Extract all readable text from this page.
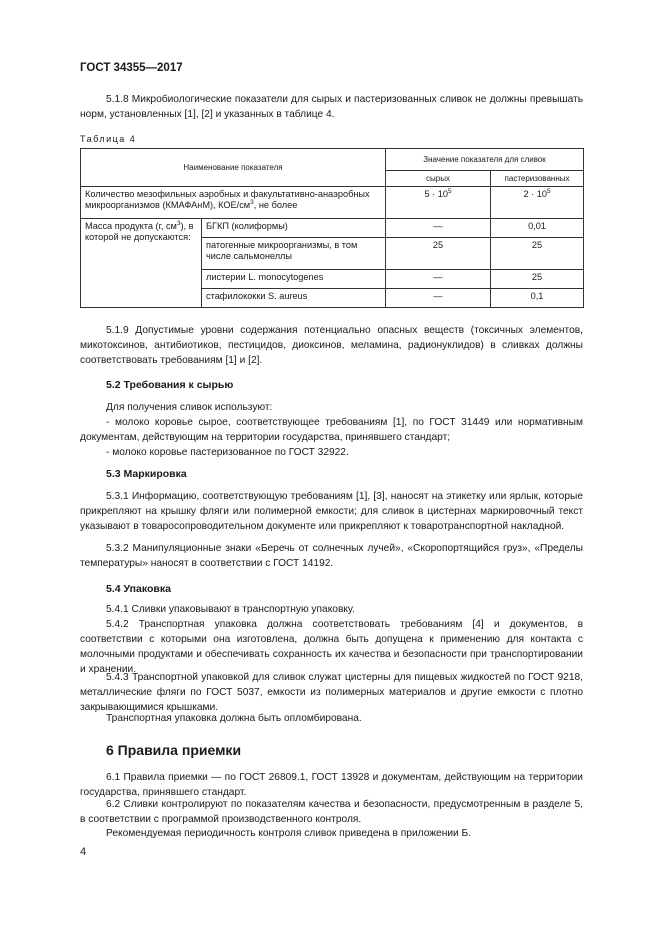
ГОСТ 34355—2017

5.1.8 Микробиологические показатели для сырых и пастеризованных сливок не должны превышать норм, установленных [1], [2] и указанных в таблице 4.

Таблица 4
Наименование показателя		Значение показателя для сливок	
		сырых	пастеризованных
Количество мезофильных аэробных и факультативно-анаэробных микроорганизмов (КМАФАнМ), КОЕ/$см^3$, не более		$5 \cdot 10^5$	$2 \cdot 10^5$
Масса продукта (г, $см^3$), в которой не допускаются:	БГКП (колиформы)	—	0,01
	патогенные микроорганизмы, в том числе сальмонеллы	25	25
	листерии L. monocytogenes	—	25
	стафилококки S. aureus	—	0,1

5.1.9 Допустимые уровни содержания потенциально опасных веществ (токсичных элементов, микотоксинов, антибиотиков, пестицидов, диоксинов, меламина, радионуклидов) в сливках должны соответствовать требованиям [1] и [2].

5.2 Требования к сырью

Для получения сливок используют:

- молоко коровье сырое, соответствующее требованиям [1], по ГОСТ 31449 или нормативным документам, действующим на территории государства, принявшего стандарт;

- молоко коровье пастеризованное по ГОСТ 32922.

5.3 Маркировка

5.3.1 Информацию, соответствующую требованиям [1], [3], наносят на этикетку или ярлык, которые прикрепляют на крышку фляги или полимерной емкости; для сливок в цистернах маркировочный текст указывают в товаросопроводительном документе или прикрепляют к товаротранспортной накладной.

5.3.2 Манипуляционные знаки «Беречь от солнечных лучей», «Скоропортящийся груз», «Пределы температуры» наносят в соответствии с ГОСТ 14192.

5.4 Упаковка

5.4.1 Сливки упаковывают в транспортную упаковку.

5.4.2 Транспортная упаковка должна соответствовать требованиям [4] и документов, в соответствии с которыми она изготовлена, должна быть допущена к применению для контакта с молочными продуктами и обеспечивать сохранность их качества и безопасности при транспортировании и хранении.

5.4.3 Транспортной упаковкой для сливок служат цистерны для пищевых жидкостей по ГОСТ 9218, металлические фляги по ГОСТ 5037, емкости из полимерных материалов и другие емкости с плотно закрывающимися крышками.

Транспортная упаковка должна быть опломбирована.

6 Правила приемки

6.1 Правила приемки — по ГОСТ 26809.1, ГОСТ 13928 и документам, действующим на территории государства, принявшего стандарт.

6.2 Сливки контролируют по показателям качества и безопасности, предусмотренным в разделе 5, в соответствии с программой производственного контроля.

Рекомендуемая периодичность контроля сливок приведена в приложении Б.

4
